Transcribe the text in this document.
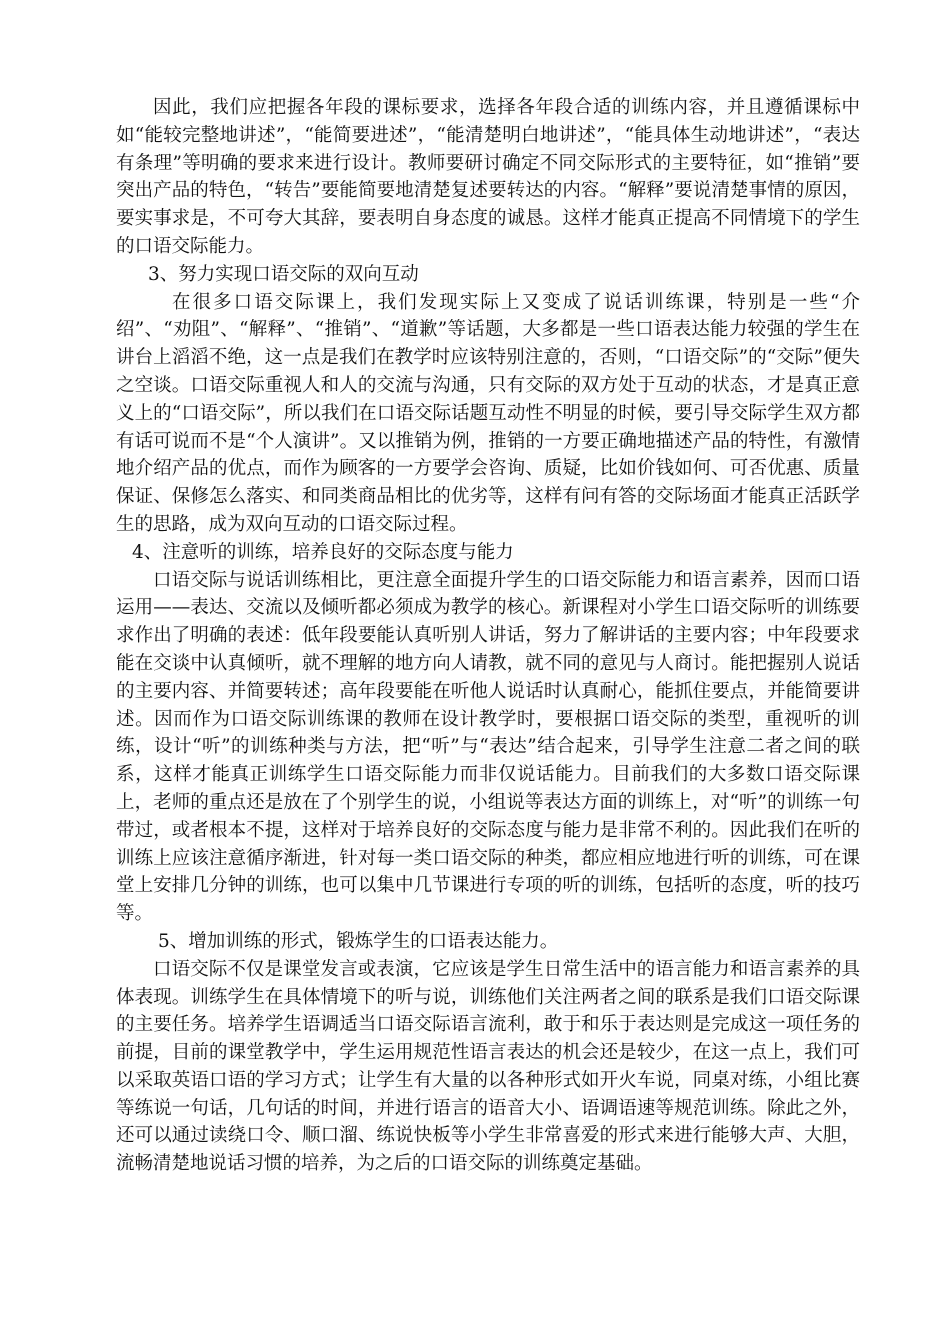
因此，我们应把握各年段的课标要求，选择各年段合适的训练内容，并且遵循课标中如“能较完整地讲述”，“能简要进述”，“能清楚明白地讲述”，“能具体生动地讲述”，“表达有条理”等明确的要求来进行设计。教师要研讨确定不同交际形式的主要特征，如“推销”要突出产品的特色，“转告”要能简要地清楚复述要转达的内容。“解释”要说清楚事情的原因，要实事求是，不可夸大其辞，要表明自身态度的诚恳。这样才能真正提高不同情境下的学生的口语交际能力。

3、努力实现口语交际的双向互动

在很多口语交际课上，我们发现实际上又变成了说话训练课，特别是一些“介绍”、“劝阻”、“解释”、“推销”、“道歉”等话题，大多都是一些口语表达能力较强的学生在讲台上滔滔不绝，这一点是我们在教学时应该特别注意的，否则，“口语交际”的“交际”便失之空谈。口语交际重视人和人的交流与沟通，只有交际的双方处于互动的状态，才是真正意义上的“口语交际”，所以我们在口语交际话题互动性不明显的时候，要引导交际学生双方都有话可说而不是“个人演讲”。又以推销为例，推销的一方要正确地描述产品的特性，有激情地介绍产品的优点，而作为顾客的一方要学会咨询、质疑，比如价钱如何、可否优惠、质量保证、保修怎么落实、和同类商品相比的优劣等，这样有问有答的交际场面才能真正活跃学生的思路，成为双向互动的口语交际过程。

4、注意听的训练，培养良好的交际态度与能力

口语交际与说话训练相比，更注意全面提升学生的口语交际能力和语言素养，因而口语运用——表达、交流以及倾听都必须成为教学的核心。新课程对小学生口语交际听的训练要求作出了明确的表述：低年段要能认真听别人讲话，努力了解讲话的主要内容；中年段要求能在交谈中认真倾听，就不理解的地方向人请教，就不同的意见与人商讨。能把握别人说话的主要内容、并简要转述；高年段要能在听他人说话时认真耐心，能抓住要点，并能简要讲述。因而作为口语交际训练课的教师在设计教学时，要根据口语交际的类型，重视听的训练，设计“听”的训练种类与方法，把“听”与“表达”结合起来，引导学生注意二者之间的联系，这样才能真正训练学生口语交际能力而非仅说话能力。目前我们的大多数口语交际课上，老师的重点还是放在了个别学生的说，小组说等表达方面的训练上，对“听”的训练一句带过，或者根本不提，这样对于培养良好的交际态度与能力是非常不利的。因此我们在听的训练上应该注意循序渐进，针对每一类口语交际的种类，都应相应地进行听的训练，可在课堂上安排几分钟的训练，也可以集中几节课进行专项的听的训练，包括听的态度，听的技巧等。

5、增加训练的形式，锻炼学生的口语表达能力。

口语交际不仅是课堂发言或表演，它应该是学生日常生活中的语言能力和语言素养的具体表现。训练学生在具体情境下的听与说，训练他们关注两者之间的联系是我们口语交际课的主要任务。培养学生语调适当口语交际语言流利，敢于和乐于表达则是完成这一项任务的前提，目前的课堂教学中，学生运用规范性语言表达的机会还是较少，在这一点上，我们可以采取英语口语的学习方式；让学生有大量的以各种形式如开火车说，同桌对练，小组比赛等练说一句话，几句话的时间，并进行语言的语音大小、语调语速等规范训练。除此之外，还可以通过读绕口令、顺口溜、练说快板等小学生非常喜爱的形式来进行能够大声、大胆，流畅清楚地说话习惯的培养，为之后的口语交际的训练奠定基础。
